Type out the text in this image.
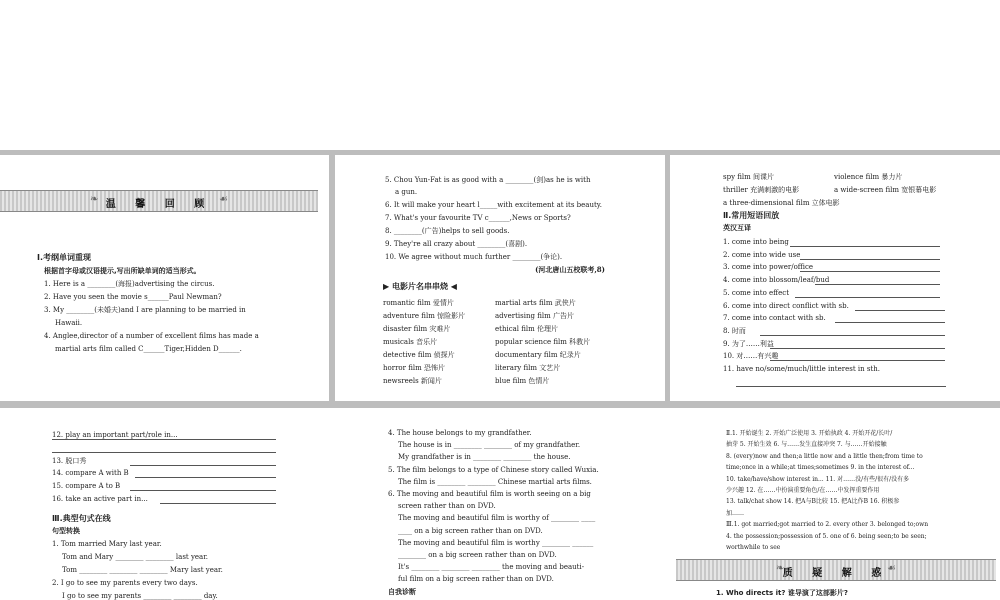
❧ 温 馨 回 顾 ☙
Ⅰ.考纲单词重现
根据首字母或汉语提示,写出所缺单词的适当形式。
1. Here is a ________(海报)advertising the circus.
2. Have you seen the movie s______Paul Newman?
3. My ________(未婚夫)and I are planning to be married in
Hawaii.
4. Anglee,director of a number of excellent films has made a
martial arts film called C______Tiger,Hidden D______.
5. Chou Yun-Fat is as good with a ________(剑)as he is with
a gun.
6. It will make your heart l_____with excitement at its beauty.
7. What's your favourite TV c______,News or Sports?
8. ________(广告)helps to sell goods.
9. They're all crazy about ________(喜剧).
10. We agree without much further ________(争论).
(河北唐山五校联考,8)
▶ 电影片名串串烧 ◀
romantic film 爱情片
adventure film 惊险影片
disaster film 灾难片
musicals 音乐片
detective film 侦探片
horror film 恐怖片
newsreels 新闻片
martial arts film 武侠片
advertising film 广告片
ethical film 伦理片
popular science film 科教片
documentary film 纪录片
literary film 文艺片
blue film 色情片
spy film 间谍片	violence film 暴力片
thriller 充满刺激的电影	a wide-screen film 宽银幕电影
a three-dimensional film 立体电影
Ⅱ.常用短语回放
英汉互译
1. come into being
2. come into wide use
3. come into power/office
4. come into blossom/leaf/bud
5. come into effect
6. come into direct conflict with sb.
7. come into contact with sb.
8. 时而
9. 为了……利益
10. 对……有兴趣
11. have no/some/much/little interest in sth.
12. play an important part/role in...
13. 脱口秀
14. compare A with B
15. compare A to B
16. take an active part in...
Ⅲ.典型句式在线
句型转换
1. Tom married Mary last year.
Tom and Mary ________ ________ last year.
Tom ________ ________ ________ Mary last year.
2. I go to see my parents every two days.
I go to see my parents ________ ________ day.
4. The house belongs to my grandfather.
The house is in ________ ________ of my grandfather.
My grandfather is in ________ ________ the house.
5. The film belongs to a type of Chinese story called Wuxia.
The film is ________ ________ Chinese martial arts films.
6. The moving and beautiful film is worth seeing on a big
screen rather than on DVD.
The moving and beautiful film is worthy of ________ ____
____ on a big screen rather than on DVD.
The moving and beautiful film is worthy ________ ______
________ on a big screen rather than on DVD.
It's ________ ________ ________ the moving and beauti-
ful film on a big screen rather than on DVD.
自我诊断
Ⅱ.1. 开始诞生 2. 开始广泛使用 3. 开始执政 4. 开始开花/长叶/
抽芽 5. 开始生效 6. 与……发生直接冲突 7. 与……开始接触
8. (every)now and then;a little now and a little then;from time to
time;once in a while;at times;sometimes 9. in the interest of...
10. take/have/show interest in... 11. 对……没/有些/很有/没有多
少兴趣 12. 在……中扮演重要角色/在……中发挥重要作用
13. talk/chat show 14. 把A与B比较 15. 把A比作B 16. 积极参
加……
Ⅲ.1. got married;got married to 2. every other 3. belonged to;own
4. the possession;possession of 5. one of 6. being seen;to be seen;
worthwhile to see
❧
质 疑 解 惑
☙
1. Who directs it? 谁导演了这部影片?
